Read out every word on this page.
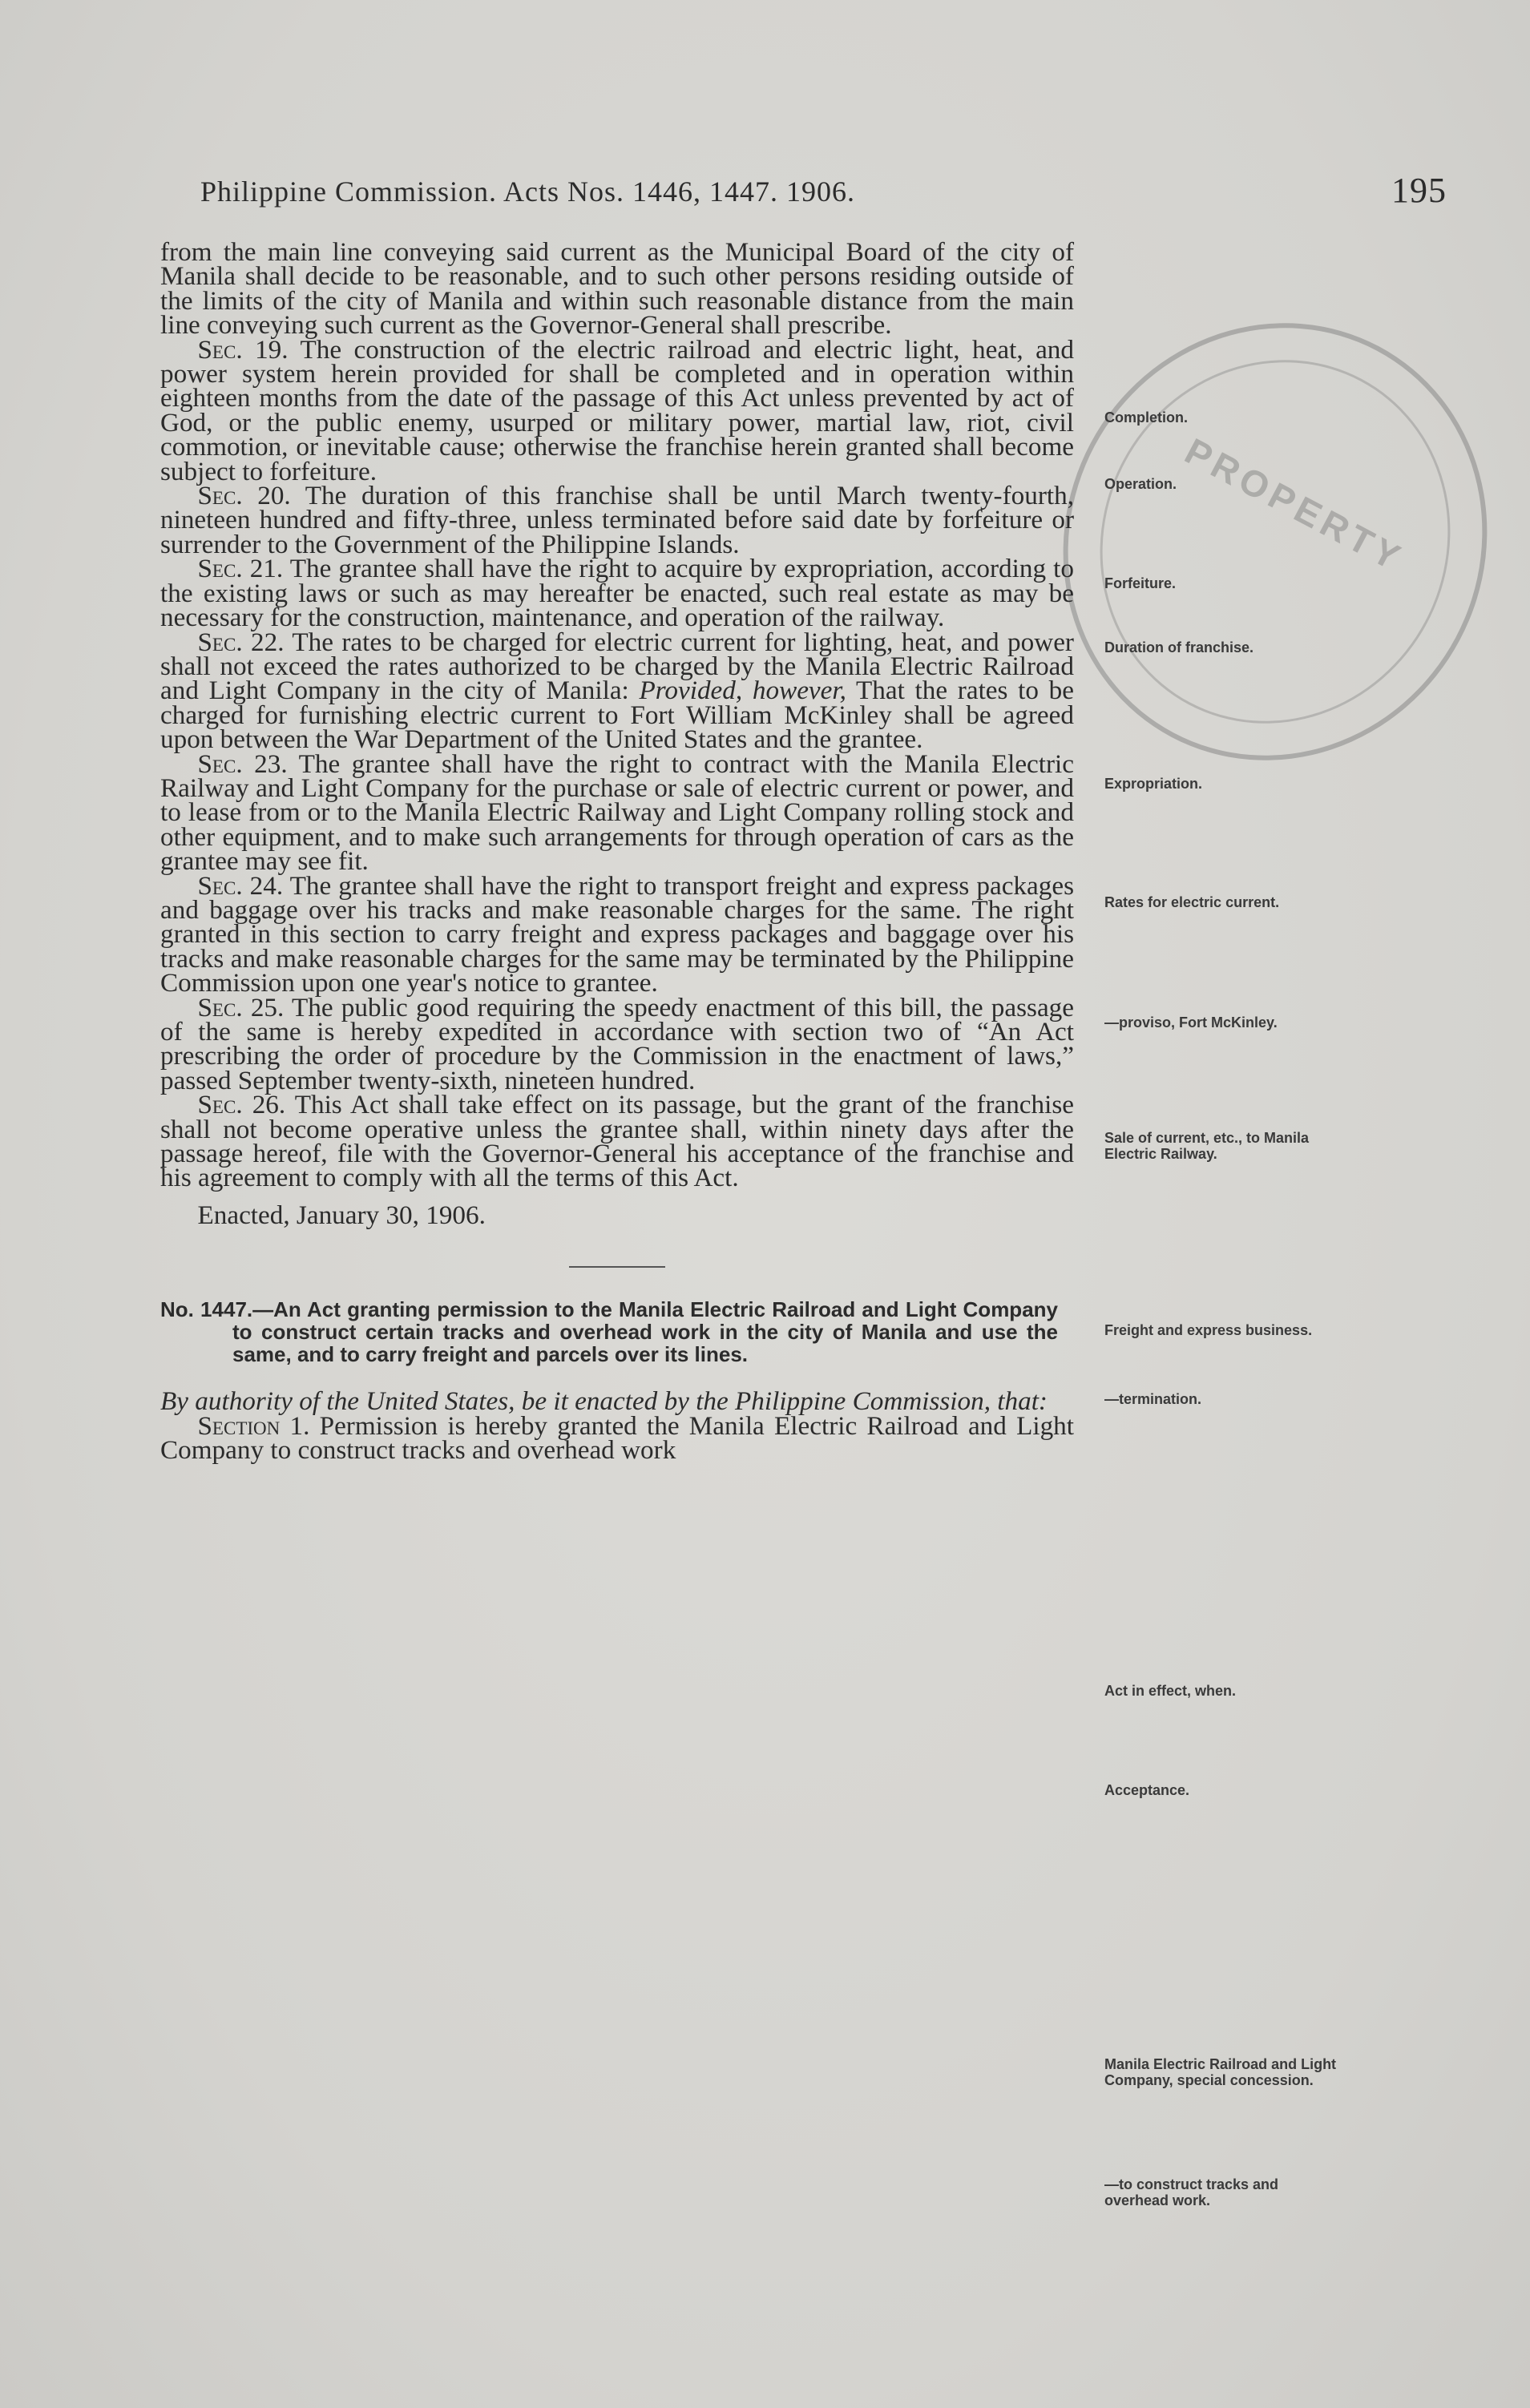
Philippine Commission. Acts Nos. 1446, 1447. 1906.	195
PROPERTY

from the main line conveying said current as the Municipal Board of the city of Manila shall decide to be reasonable, and to such other persons residing outside of the limits of the city of Manila and within such reasonable distance from the main line conveying such current as the Governor-General shall prescribe.

Sec. 19. The construction of the electric railroad and electric light, heat, and power system herein provided for shall be completed and in operation within eighteen months from the date of the passage of this Act unless prevented by act of God, or the public enemy, usurped or military power, martial law, riot, civil commotion, or inevitable cause; otherwise the franchise herein granted shall become subject to forfeiture.

Sec. 20. The duration of this franchise shall be until March twenty-fourth, nineteen hundred and fifty-three, unless terminated before said date by forfeiture or surrender to the Government of the Philippine Islands.

Sec. 21. The grantee shall have the right to acquire by expropriation, according to the existing laws or such as may hereafter be enacted, such real estate as may be necessary for the construction, maintenance, and operation of the railway.

Sec. 22. The rates to be charged for electric current for lighting, heat, and power shall not exceed the rates authorized to be charged by the Manila Electric Railroad and Light Company in the city of Manila: Provided, however, That the rates to be charged for furnishing electric current to Fort William McKinley shall be agreed upon between the War Department of the United States and the grantee.

Sec. 23. The grantee shall have the right to contract with the Manila Electric Railway and Light Company for the purchase or sale of electric current or power, and to lease from or to the Manila Electric Railway and Light Company rolling stock and other equipment, and to make such arrangements for through operation of cars as the grantee may see fit.

Sec. 24. The grantee shall have the right to transport freight and express packages and baggage over his tracks and make reasonable charges for the same. The right granted in this section to carry freight and express packages and baggage over his tracks and make reasonable charges for the same may be terminated by the Philippine Commission upon one year's notice to grantee.

Sec. 25. The public good requiring the speedy enactment of this bill, the passage of the same is hereby expedited in accordance with section two of “An Act prescribing the order of procedure by the Commission in the enactment of laws,” passed September twenty-sixth, nineteen hundred.

Sec. 26. This Act shall take effect on its passage, but the grant of the franchise shall not become operative unless the grantee shall, within ninety days after the passage hereof, file with the Governor-General his acceptance of the franchise and his agreement to comply with all the terms of this Act.

Enacted, January 30, 1906.

No. 1447.—An Act granting permission to the Manila Electric Railroad and Light Company to construct certain tracks and overhead work in the city of Manila and use the same, and to carry freight and parcels over its lines.
By authority of the United States, be it enacted by the Philippine Commission, that:

Section 1. Permission is hereby granted the Manila Electric Railroad and Light Company to construct tracks and overhead work

Completion.
Operation.
Forfeiture.
Duration of franchise.
Expropriation.
Rates for electric current.
—proviso, Fort McKinley.
Sale of current, etc., to Manila Electric Railway.
Freight and express business.
—termination.
Act in effect, when.
Acceptance.
Manila Electric Railroad and Light Company, special concession.
—to construct tracks and overhead work.
